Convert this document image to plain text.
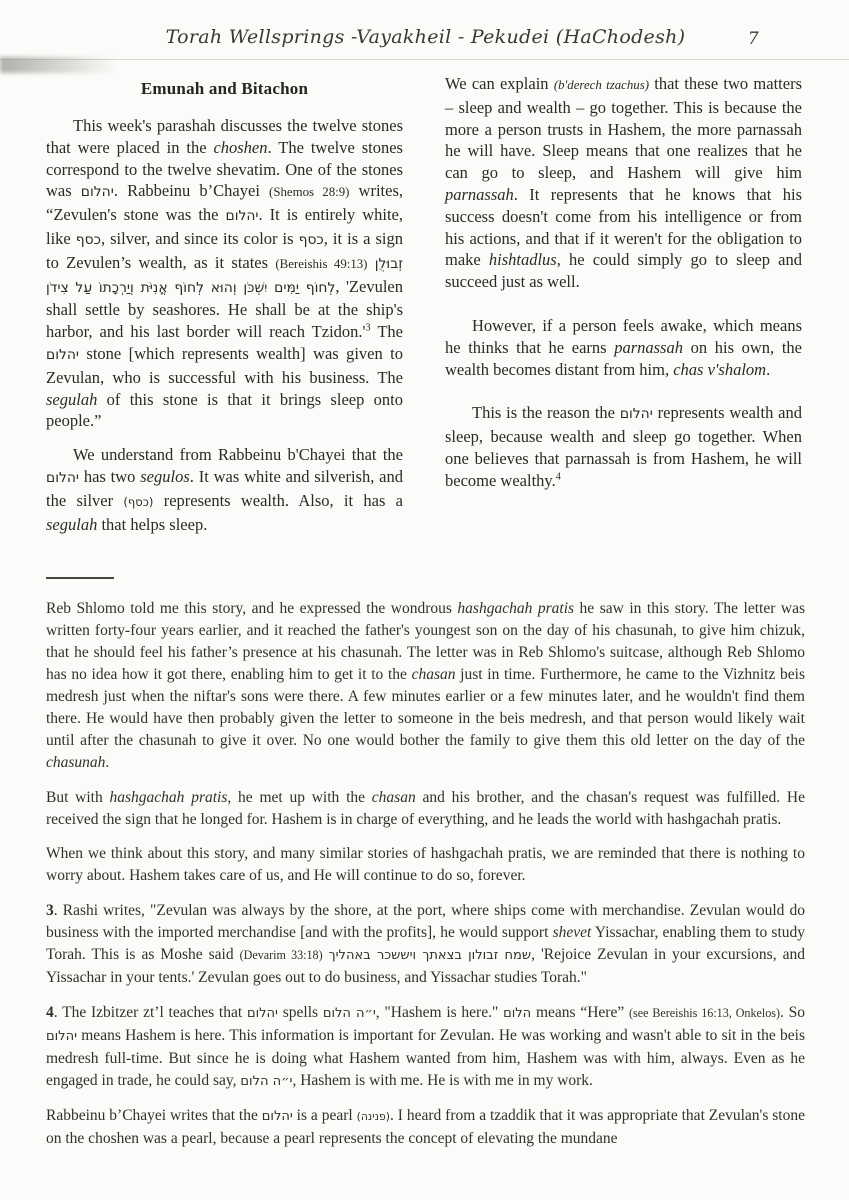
Torah Wellsprings -Vayakheil - Pekudei (HaChodesh)	7
Emunah and Bitachon

This week's parashah discusses the twelve stones that were placed in the choshen. The twelve stones correspond to the twelve shevatim. One of the stones was יהלום. Rabbeinu b’Chayei (Shemos 28:9) writes, “Zevulen's stone was the יהלום. It is entirely white, like כסף, silver, and since its color is כסף, it is a sign to Zevulen’s wealth, as it states (Bereishis 49:13) זְבוּלֻן לְחוֹף יַמִּים יִשְׁכֹּן וְהוּא לְחוֹף אֳנִיֹּת וְיַרְכָתוֹ עַל צִידֹן, 'Zevulen shall settle by seashores. He shall be at the ship's harbor, and his last border will reach $Tzidon.'^3$ The יהלום stone [which represents wealth] was given to Zevulan, who is successful with his business. The segulah of this stone is that it brings sleep onto people.”

We understand from Rabbeinu b'Chayei that the יהלום has two segulos. It was white and silverish, and the silver (כסף) represents wealth. Also, it has a segulah that helps sleep.

We can explain (b'derech tzachus) that these two matters – sleep and wealth – go together. This is because the more a person trusts in Hashem, the more parnassah he will have. Sleep means that one realizes that he can go to sleep, and Hashem will give him parnassah. It represents that he knows that his success doesn't come from his intelligence or from his actions, and that if it weren't for the obligation to make hishtadlus, he could simply go to sleep and succeed just as well.

However, if a person feels awake, which means he thinks that he earns parnassah on his own, the wealth becomes distant from him, chas v'shalom.

This is the reason the יהלום represents wealth and sleep, because wealth and sleep go together. When one believes that parnassah is from Hashem, he will become wealthy.$^4$

Reb Shlomo told me this story, and he expressed the wondrous hashgachah pratis he saw in this story. The letter was written forty-four years earlier, and it reached the father's youngest son on the day of his chasunah, to give him chizuk, that he should feel his father’s presence at his chasunah. The letter was in Reb Shlomo's suitcase, although Reb Shlomo has no idea how it got there, enabling him to get it to the chasan just in time. Furthermore, he came to the Vizhnitz beis medresh just when the niftar's sons were there. A few minutes earlier or a few minutes later, and he wouldn't find them there. He would have then probably given the letter to someone in the beis medresh, and that person would likely wait until after the chasunah to give it over. No one would bother the family to give them this old letter on the day of the chasunah.

But with hashgachah pratis, he met up with the chasan and his brother, and the chasan's request was fulfilled. He received the sign that he longed for. Hashem is in charge of everything, and he leads the world with hashgachah pratis.

When we think about this story, and many similar stories of hashgachah pratis, we are reminded that there is nothing to worry about. Hashem takes care of us, and He will continue to do so, forever.

3. Rashi writes, "Zevulan was always by the shore, at the port, where ships come with merchandise. Zevulan would do business with the imported merchandise [and with the profits], he would support shevet Yissachar, enabling them to study Torah. This is as Moshe said (Devarim 33:18) שמח זבולון בצאתך ויששכר באהליך, 'Rejoice Zevulan in your excursions, and Yissachar in your tents.' Zevulan goes out to do business, and Yissachar studies Torah."

4. The Izbitzer zt’l teaches that יהלום spells י״ה הלום, "Hashem is here." הלום means “Here” (see Bereishis 16:13, Onkelos). So יהלום means Hashem is here. This information is important for Zevulan. He was working and wasn't able to sit in the beis medresh full-time. But since he is doing what Hashem wanted from him, Hashem was with him, always. Even as he engaged in trade, he could say, י״ה הלום, Hashem is with me. He is with me in my work.

Rabbeinu b’Chayei writes that the יהלום is a pearl (פנינה). I heard from a tzaddik that it was appropriate that Zevulan's stone on the choshen was a pearl, because a pearl represents the concept of elevating the mundane
